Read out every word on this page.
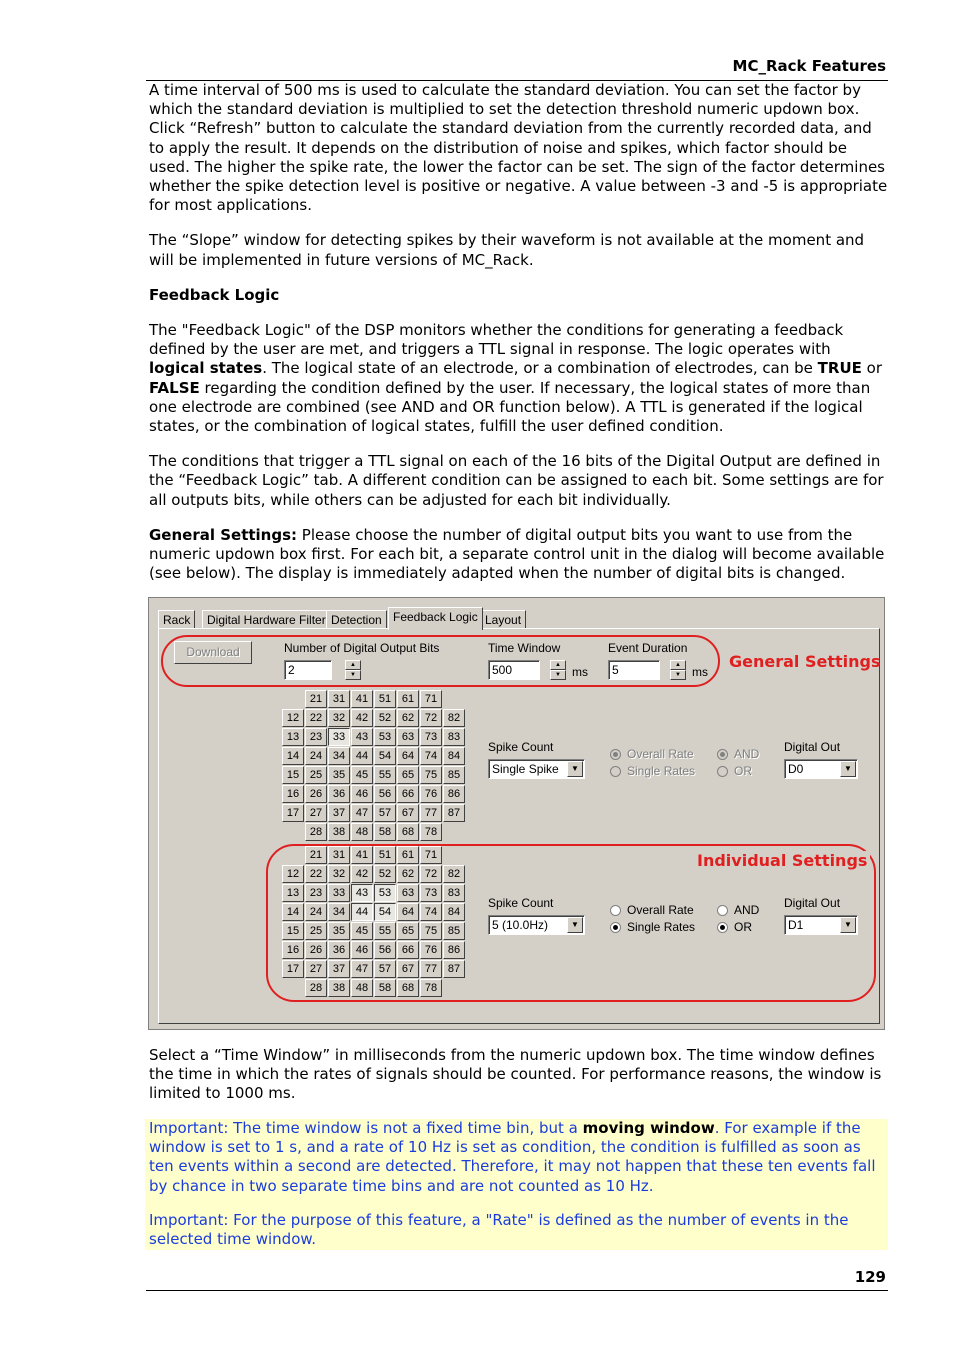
MC_Rack Features

A time interval of 500 ms is used to calculate the standard deviation. You can set the factor by which the standard deviation is multiplied to set the detection threshold numeric updown box. Click “Refresh” button to calculate the standard deviation from the currently recorded data, and to apply the result. It depends on the distribution of noise and spikes, which factor should be used. The higher the spike rate, the lower the factor can be set. The sign of the factor determines whether the spike detection level is positive or negative. A value between -3 and -5 is appropriate for most applications.

The “Slope” window for detecting spikes by their waveform is not available at the moment and will be implemented in future versions of MC_Rack.

Feedback Logic

The "Feedback Logic" of the DSP monitors whether the conditions for generating a feedback defined by the user are met, and triggers a TTL signal in response. The logic operates with logical states. The logical state of an electrode, or a combination of electrodes, can be TRUE or FALSE regarding the condition defined by the user. If necessary, the logical states of more than one electrode are combined (see AND and OR function below). A TTL is generated if the logical states, or the combination of logical states, fulfill the user defined condition.

The conditions that trigger a TTL signal on each of the 16 bits of the Digital Output are defined in the “Feedback Logic” tab. A different condition can be assigned to each bit. Some settings are for all outputs bits, while others can be adjusted for each bit individually.

General Settings: Please choose the number of digital output bits you want to use from the numeric updown box first. For each bit, a separate control unit in the dialog will become available (see below). The display is immediately adapted when the number of digital bits is changed.

Rack	Digital Hardware Filter Detection Feedback Logic Layout
Download	Number of Digital Output Bits
2	▲
▼
Time Window
500	▲
▼ ms
Event Duration
5	▲
▼ ms
21 31 41 51 61 71
12 22 32 42 52 62 72 82
13 23 33 43 53 63 73 83
14 24 34 44 54 64 74 84
15 25 35 45 55 65 75 85
16 26 36 46 56 66 76 86
17 27 37 47 57 67 77 87
28 38 48 58 68 78
Spike Count
Single Spike	▼
Overall Rate
Single Rates
AND
OR
Digital Out
D0	▼
21 31 41 51 61 71
12 22 32 42 52 62 72 82
13 23 33 43 53 63 73 83
14 24 34 44 54 64 74 84
15 25 35 45 55 65 75 85
16 26 36 46 56 66 76 86
17 27 37 47 57 67 77 87
28 38 48 58 68 78
Spike Count
5 (10.0Hz)	▼
Overall Rate
Single Rates
AND
OR
Digital Out
D1	▼
General Settings
Individual Settings

Select a “Time Window” in milliseconds from the numeric updown box. The time window defines the time in which the rates of signals should be counted. For performance reasons, the window is limited to 1000 ms.

Important: The time window is not a fixed time bin, but a moving window. For example if the window is set to 1 s, and a rate of 10 Hz is set as condition, the condition is fulfilled as soon as ten events within a second are detected. Therefore, it may not happen that these ten events fall by chance in two separate time bins and are not counted as 10 Hz.

Important: For the purpose of this feature, a "Rate" is defined as the number of events in the selected time window.

129
